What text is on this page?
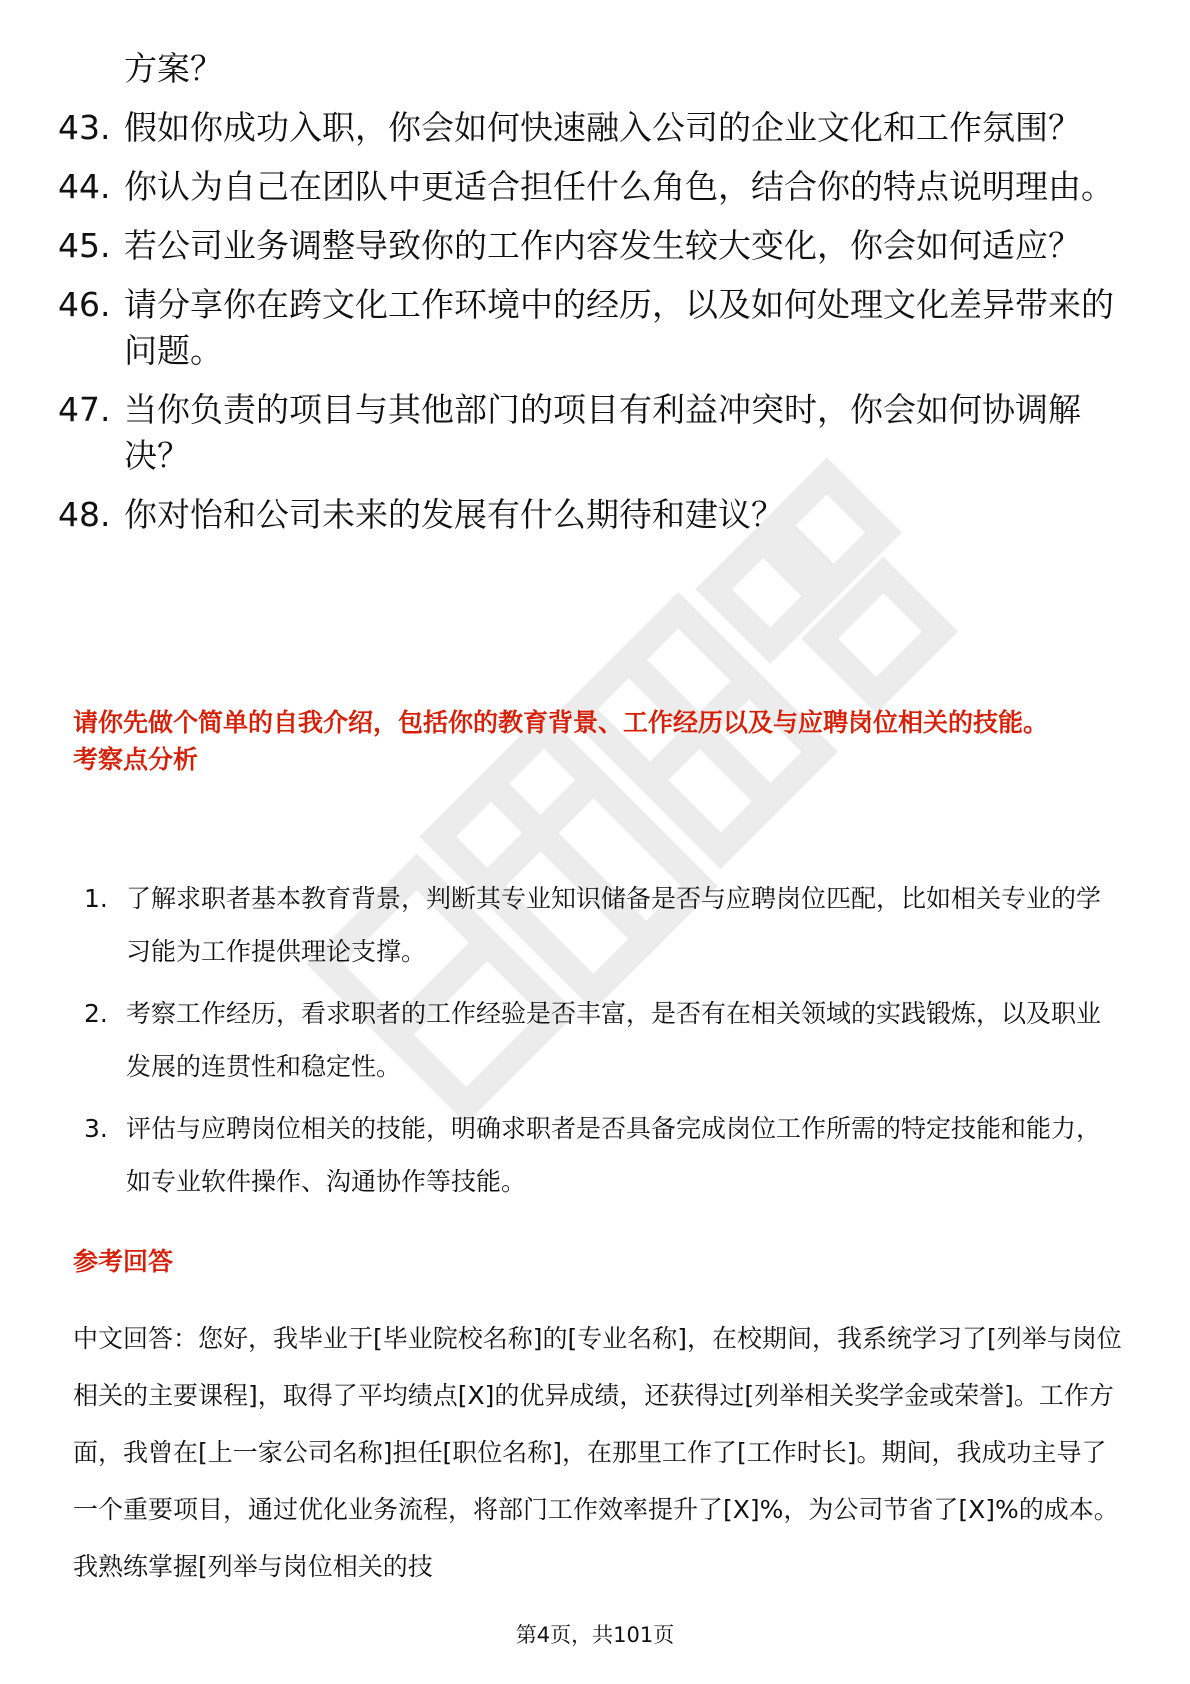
方案？
43. 假如你成功入职，你会如何快速融入公司的企业文化和工作氛围？
44. 你认为自己在团队中更适合担任什么角色，结合你的特点说明理由。
45. 若公司业务调整导致你的工作内容发生较大变化，你会如何适应？
46. 请分享你在跨文化工作环境中的经历，以及如何处理文化差异带来的问题。
47. 当你负责的项目与其他部门的项目有利益冲突时，你会如何协调解决？
48. 你对怡和公司未来的发展有什么期待和建议？
请你先做个简单的自我介绍，包括你的教育背景、工作经历以及与应聘岗位相关的技能。
考察点分析
1. 了解求职者基本教育背景，判断其专业知识储备是否与应聘岗位匹配，比如相关专业的学习能为工作提供理论支撑。
2. 考察工作经历，看求职者的工作经验是否丰富，是否有在相关领域的实践锻炼，以及职业发展的连贯性和稳定性。
3. 评估与应聘岗位相关的技能，明确求职者是否具备完成岗位工作所需的特定技能和能力，如专业软件操作、沟通协作等技能。
参考回答
中文回答：您好，我毕业于[毕业院校名称]的[专业名称]，在校期间，我系统学习了[列举与岗位相关的主要课程]，取得了平均绩点[X]的优异成绩，还获得过[列举相关奖学金或荣誉]。工作方面，我曾在[上一家公司名称]担任[职位名称]，在那里工作了[工作时长]。期间，我成功主导了一个重要项目，通过优化业务流程，将部门工作效率提升了[X]%，为公司节省了[X]%的成本。我熟练掌握[列举与岗位相关的技
第4页，共101页
